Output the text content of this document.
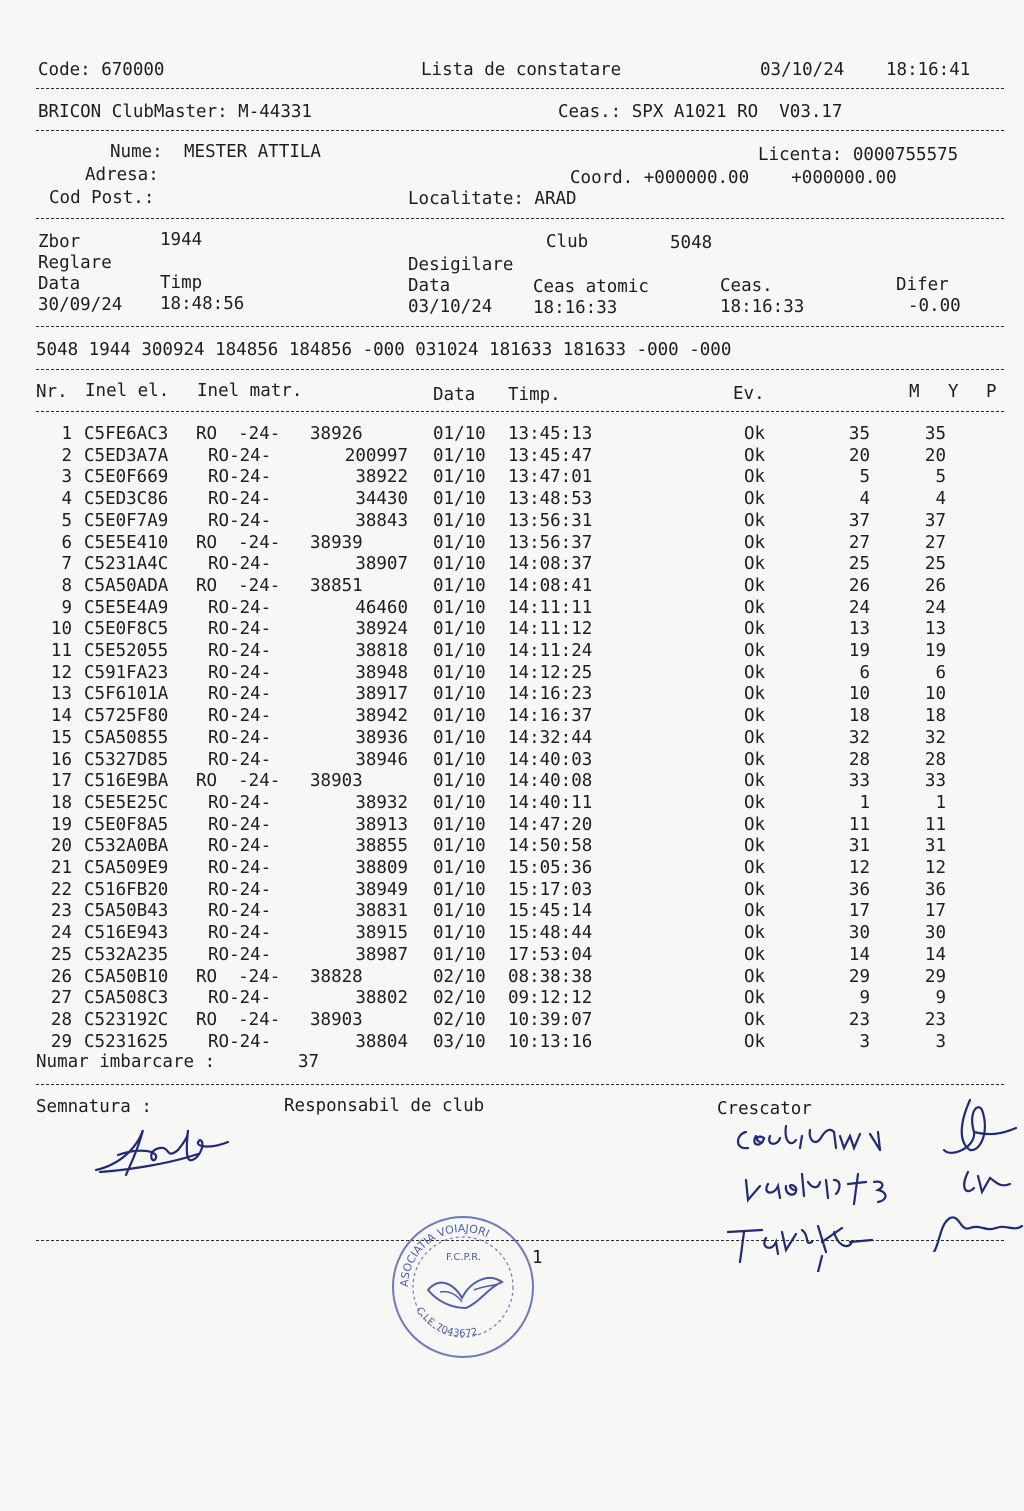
Code: 670000	Lista de constatare	03/10/24 18:16:41
BRICON ClubMaster: M-44331	Ceas.: SPX A1021 RO  V03.17
Nume: MESTER ATTILA	Licenta: 0000755575
Adresa:	Coord. +000000.00    +000000.00
Cod Post.:	Localitate: ARAD
Zbor	1944	Club	5048
Reglare	Desigilare
Data	Timp	Data	Ceas atomic	Ceas.	Difer
30/09/24 18:48:56	03/10/24 18:16:33	18:16:33	-0.00
5048 1944 300924 184856 184856 -000 031024 181633 181633 -000 -000
Nr. Inel el. Inel matr.	Data Timp.	Ev.	M Y P
1 C5FE6AC3 RO  -24- 38926	01/10 13:45:13	Ok	35	35
2 C5ED3A7A RO-24-	200997 01/10 13:45:47	Ok	20	20
3 C5E0F669 RO-24-	38922 01/10 13:47:01	Ok	5	5
4 C5ED3C86 RO-24-	34430 01/10 13:48:53	Ok	4	4
5 C5E0F7A9 RO-24-	38843 01/10 13:56:31	Ok	37	37
6 C5E5E410 RO  -24- 38939	01/10 13:56:37	Ok	27	27
7 C5231A4C RO-24-	38907 01/10 14:08:37	Ok	25	25
8 C5A50ADA RO  -24- 38851	01/10 14:08:41	Ok	26	26
9 C5E5E4A9 RO-24-	46460 01/10 14:11:11	Ok	24	24
10 C5E0F8C5 RO-24-	38924 01/10 14:11:12	Ok	13	13
11 C5E52055 RO-24-	38818 01/10 14:11:24	Ok	19	19
12 C591FA23 RO-24-	38948 01/10 14:12:25	Ok	6	6
13 C5F6101A RO-24-	38917 01/10 14:16:23	Ok	10	10
14 C5725F80 RO-24-	38942 01/10 14:16:37	Ok	18	18
15 C5A50855 RO-24-	38936 01/10 14:32:44	Ok	32	32
16 C5327D85 RO-24-	38946 01/10 14:40:03	Ok	28	28
17 C516E9BA RO  -24- 38903	01/10 14:40:08	Ok	33	33
18 C5E5E25C RO-24-	38932 01/10 14:40:11	Ok	1	1
19 C5E0F8A5 RO-24-	38913 01/10 14:47:20	Ok	11	11
20 C532A0BA RO-24-	38855 01/10 14:50:58	Ok	31	31
21 C5A509E9 RO-24-	38809 01/10 15:05:36	Ok	12	12
22 C516FB20 RO-24-	38949 01/10 15:17:03	Ok	36	36
23 C5A50B43 RO-24-	38831 01/10 15:45:14	Ok	17	17
24 C516E943 RO-24-	38915 01/10 15:48:44	Ok	30	30
25 C532A235 RO-24-	38987 01/10 17:53:04	Ok	14	14
26 C5A50B10 RO  -24- 38828	02/10 08:38:38	Ok	29	29
27 C5A508C3 RO-24-	38802 02/10 09:12:12	Ok	9	9
28 C523192C RO  -24- 38903	02/10 10:39:07	Ok	23	23
29 C5231625 RO-24-	38804 03/10 10:13:16	Ok	3	3
Numar imbarcare :	37
Semnatura :	Responsabil de club	Crescator
1
ASOCIATIA VOIAJORI
F.C.P.R.
C.I.F. 7043672
